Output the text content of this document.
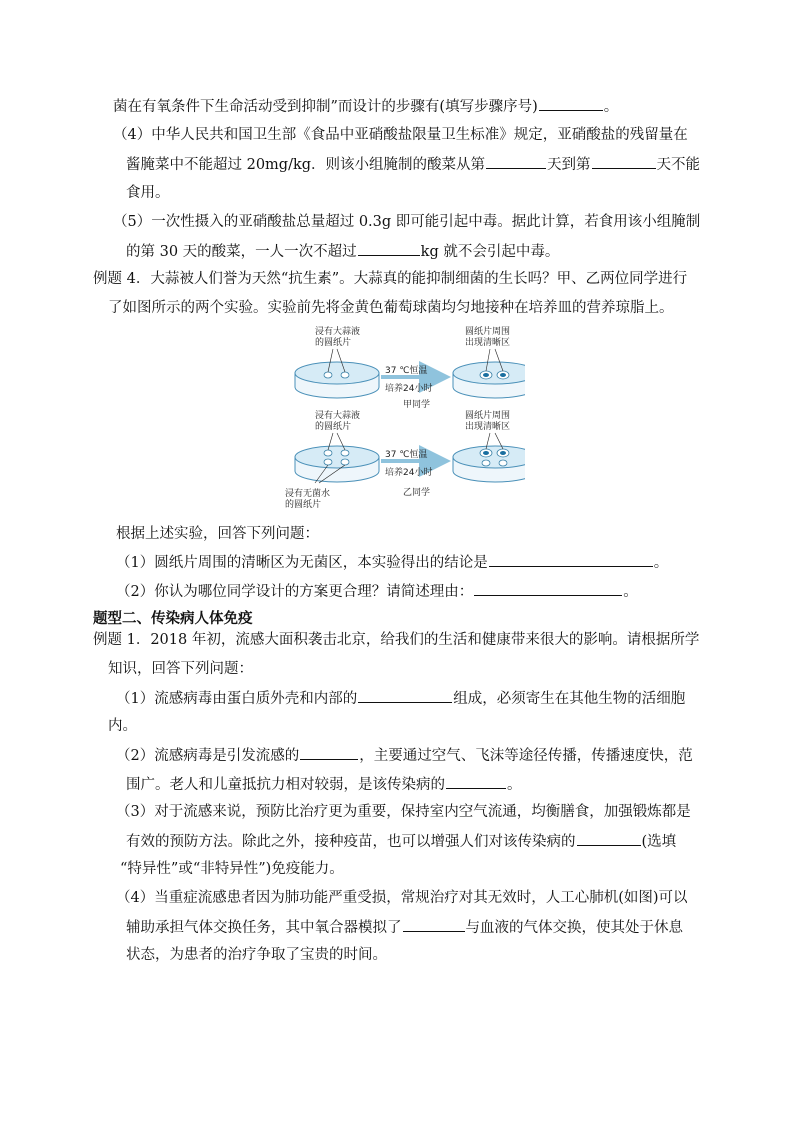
菌在有氧条件下生命活动受到抑制”而设计的步骤有(填写步骤序号)	。
（4）中华人民共和国卫生部《食品中亚硝酸盐限量卫生标准》规定，亚硝酸盐的残留量在
酱腌菜中不能超过 20mg/kg．则该小组腌制的酸菜从第	天到第	天不能
食用。
（5）一次性摄入的亚硝酸盐总量超过 0.3g 即可能引起中毒。据此计算，若食用该小组腌制
的第 30 天的酸菜，一人一次不超过	kg 就不会引起中毒。
例题 4．大蒜被人们誉为天然“抗生素”。大蒜真的能抑制细菌的生长吗？甲、乙两位同学进行
了如图所示的两个实验。实验前先将金黄色葡萄球菌均匀地接种在培养皿的营养琼脂上。
浸有大蒜液
的圆纸片
37 ℃恒温
培养24小时
甲同学
圆纸片周围
出现清晰区
浸有大蒜液
的圆纸片
浸有无菌水
的圆纸片
37 ℃恒温
培养24小时
乙同学
圆纸片周围
出现清晰区
根据上述实验，回答下列问题：
（1）圆纸片周围的清晰区为无菌区，本实验得出的结论是	。
（2）你认为哪位同学设计的方案更合理？请简述理由：	。
题型二、传染病人体免疫
例题 1．2018 年初，流感大面积袭击北京，给我们的生活和健康带来很大的影响。请根据所学
知识，回答下列问题：
（1）流感病毒由蛋白质外壳和内部的	组成，必须寄生在其他生物的活细胞
内。
（2）流感病毒是引发流感的	，主要通过空气、飞沫等途径传播，传播速度快，范
围广。老人和儿童抵抗力相对较弱，是该传染病的	。
（3）对于流感来说，预防比治疗更为重要，保持室内空气流通，均衡膳食，加强锻炼都是
有效的预防方法。除此之外，接种疫苗，也可以增强人们对该传染病的	(选填
“特异性”或“非特异性”)免疫能力。
（4）当重症流感患者因为肺功能严重受损，常规治疗对其无效时，人工心肺机(如图)可以
辅助承担气体交换任务，其中氧合器模拟了	与血液的气体交换，使其处于休息
状态，为患者的治疗争取了宝贵的时间。
